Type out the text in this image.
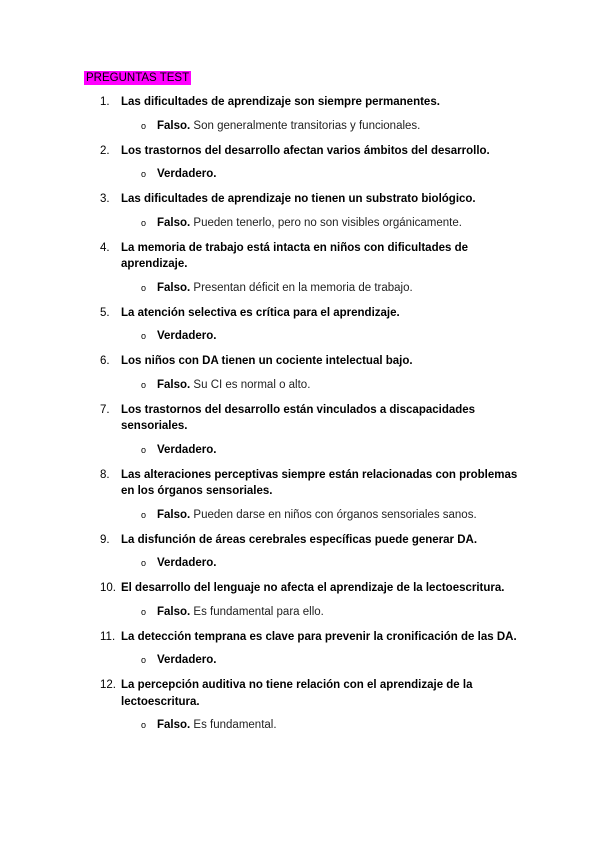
PREGUNTAS TEST
1. Las dificultades de aprendizaje son siempre permanentes.
o Falso. Son generalmente transitorias y funcionales.
2. Los trastornos del desarrollo afectan varios ámbitos del desarrollo.
o Verdadero.
3. Las dificultades de aprendizaje no tienen un substrato biológico.
o Falso. Pueden tenerlo, pero no son visibles orgánicamente.
4. La memoria de trabajo está intacta en niños con dificultades de aprendizaje.
o Falso. Presentan déficit en la memoria de trabajo.
5. La atención selectiva es crítica para el aprendizaje.
o Verdadero.
6. Los niños con DA tienen un cociente intelectual bajo.
o Falso. Su CI es normal o alto.
7. Los trastornos del desarrollo están vinculados a discapacidades sensoriales.
o Verdadero.
8. Las alteraciones perceptivas siempre están relacionadas con problemas en los órganos sensoriales.
o Falso. Pueden darse en niños con órganos sensoriales sanos.
9. La disfunción de áreas cerebrales específicas puede generar DA.
o Verdadero.
10. El desarrollo del lenguaje no afecta el aprendizaje de la lectoescritura.
o Falso. Es fundamental para ello.
11. La detección temprana es clave para prevenir la cronificación de las DA.
o Verdadero.
12. La percepción auditiva no tiene relación con el aprendizaje de la lectoescritura.
o Falso. Es fundamental.
